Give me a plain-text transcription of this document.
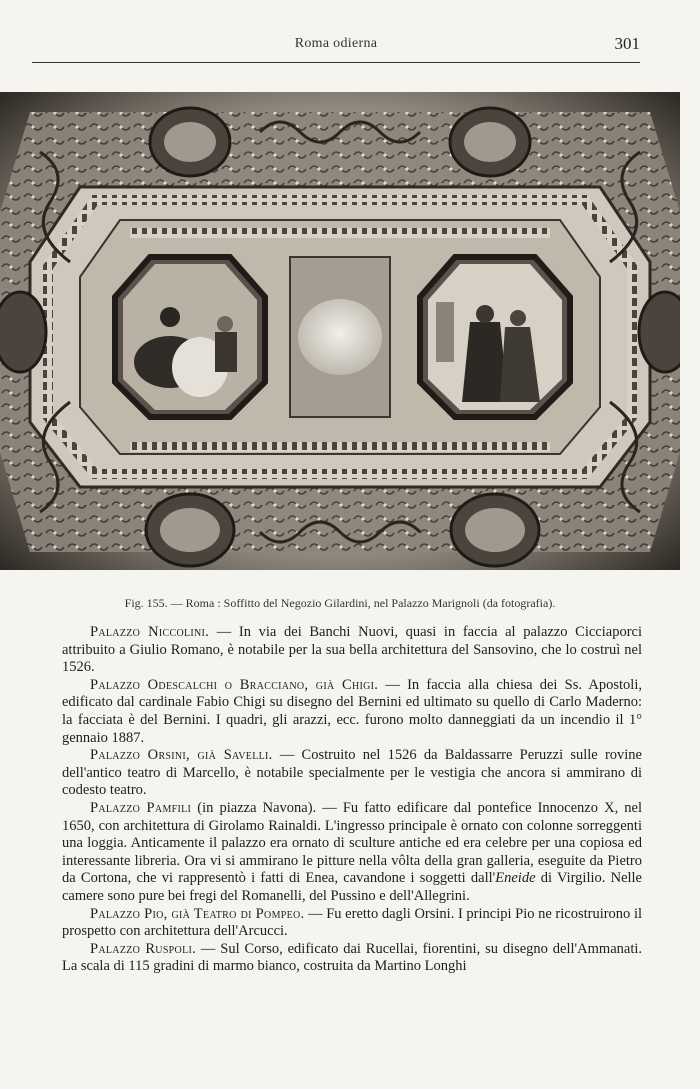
Roma odierna	301
Fig. 155. — Roma : Soffitto del Negozio Gilardini, nel Palazzo Marignoli (da fotografia).

Palazzo Niccolini. — In via dei Banchi Nuovi, quasi in faccia al palazzo Cicciaporci attribuito a Giulio Romano, è notabile per la sua bella architettura del Sansovino, che lo costruì nel 1526.

Palazzo Odescalchi o Bracciano, già Chigi. — In faccia alla chiesa dei Ss. Apostoli, edificato dal cardinale Fabio Chigi su disegno del Bernini ed ultimato su quello di Carlo Maderno: la facciata è del Bernini. I quadri, gli arazzi, ecc. furono molto danneggiati da un incendio il 1° gennaio 1887.

Palazzo Orsini, già Savelli. — Costruito nel 1526 da Baldassarre Peruzzi sulle rovine dell'antico teatro di Marcello, è notabile specialmente per le vestigia che ancora si ammirano di codesto teatro.

Palazzo Pamfili (in piazza Navona). — Fu fatto edificare dal pontefice Innocenzo X, nel 1650, con architettura di Girolamo Rainaldi. L'ingresso principale è ornato con colonne sorreggenti una loggia. Anticamente il palazzo era ornato di sculture antiche ed era celebre per una copiosa ed interessante libreria. Ora vi si ammirano le pitture nella vôlta della gran galleria, eseguite da Pietro da Cortona, che vi rappresentò i fatti di Enea, cavandone i soggetti dall'Eneide di Virgilio. Nelle camere sono pure bei fregi del Romanelli, del Pussino e dell'Allegrini.

Palazzo Pio, già Teatro di Pompeo. — Fu eretto dagli Orsini. I principi Pio ne ricostruirono il prospetto con architettura dell'Arcucci.

Palazzo Ruspoli. — Sul Corso, edificato dai Rucellai, fiorentini, su disegno dell'Ammanati. La scala di 115 gradini di marmo bianco, costruita da Martino Longhi
